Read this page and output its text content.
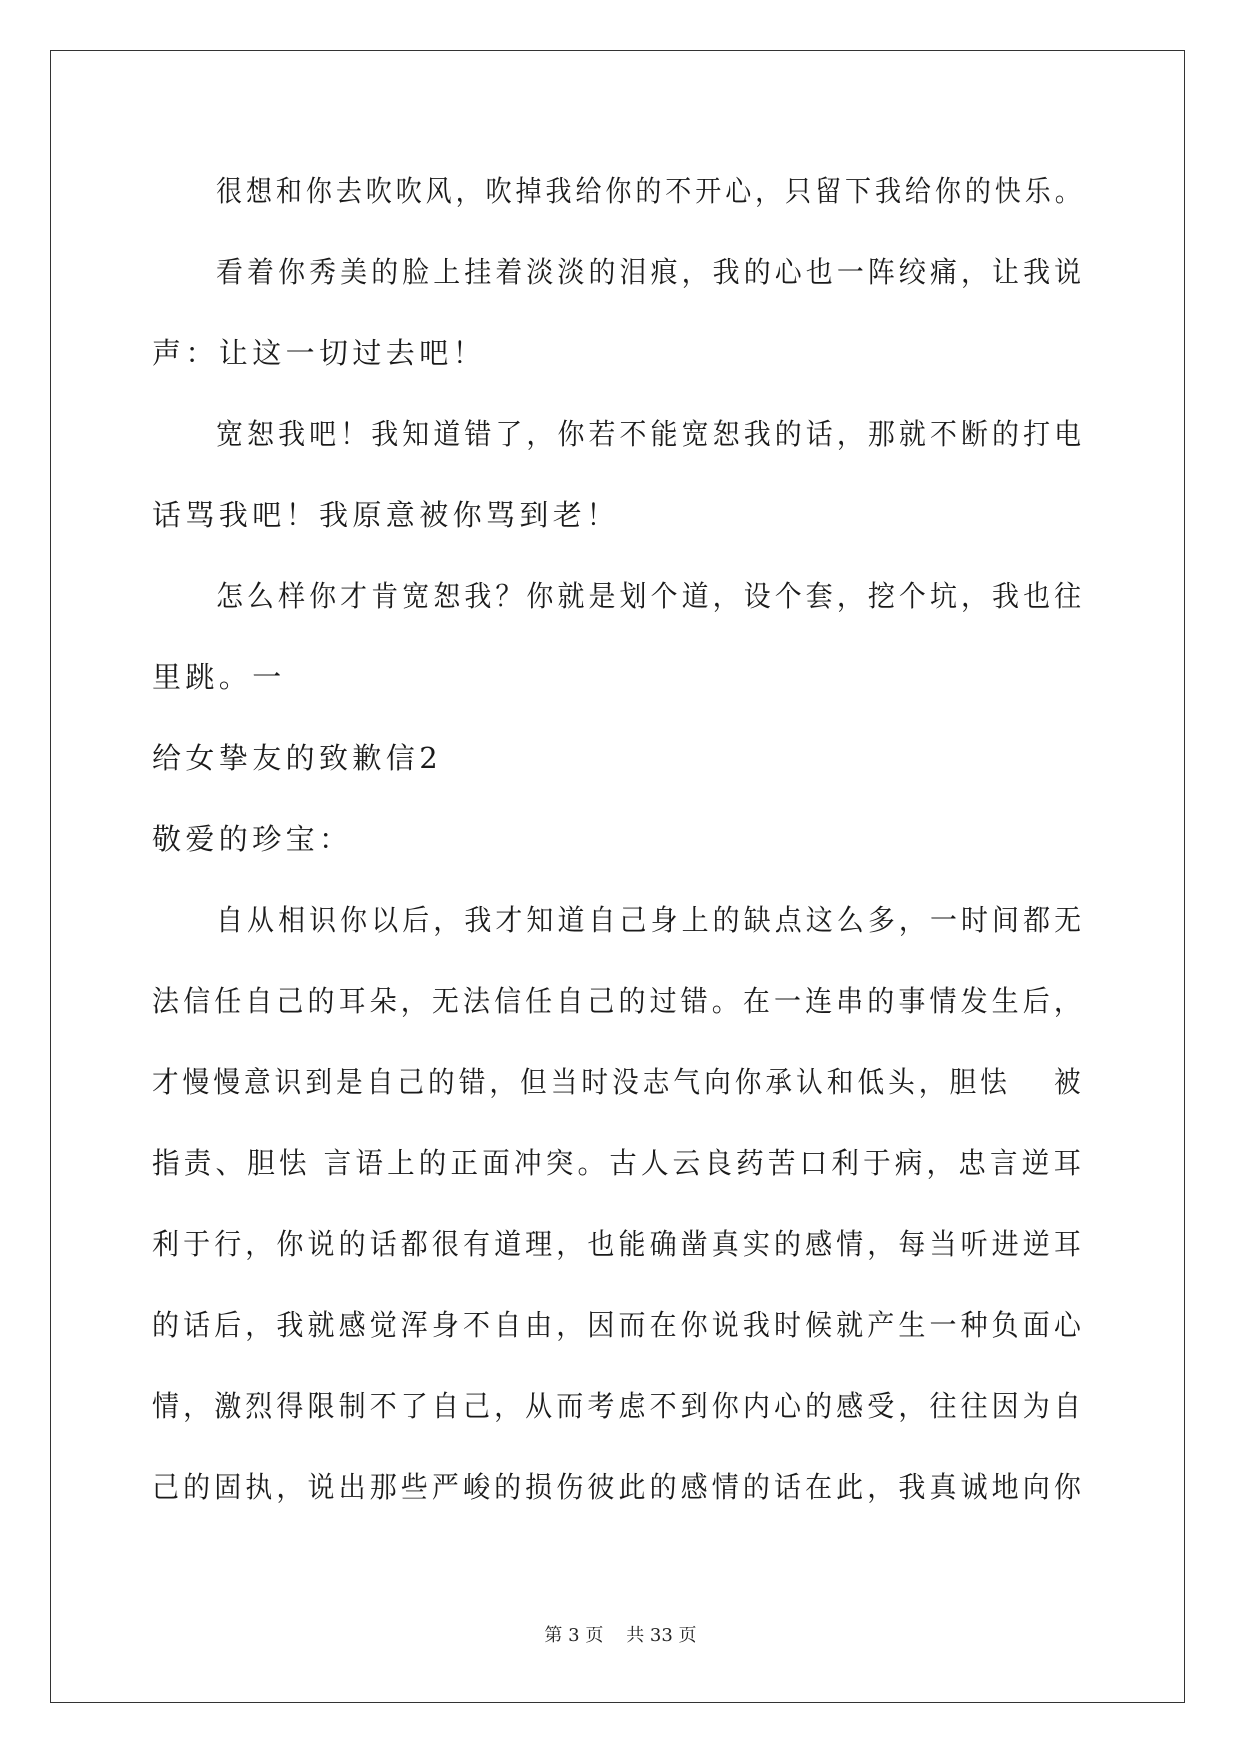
很想和你去吹吹风，吹掉我给你的不开心，只留下我给你的快乐。
看着你秀美的脸上挂着淡淡的泪痕，我的心也一阵绞痛，让我说
声：让这一切过去吧！
宽恕我吧！我知道错了，你若不能宽恕我的话，那就不断的打电
话骂我吧！我原意被你骂到老！
怎么样你才肯宽恕我？你就是划个道，设个套，挖个坑，我也往
里跳。一
给女挚友的致歉信2
敬爱的珍宝：
自从相识你以后，我才知道自己身上的缺点这么多，一时间都无
法信任自己的耳朵，无法信任自己的过错。在一连串的事情发生后，
才慢慢意识到是自己的错，但当时没志气向你承认和低头，胆怯　 被
指责、胆怯 言语上的正面冲突。古人云良药苦口利于病，忠言逆耳
利于行，你说的话都很有道理，也能确凿真实的感情，每当听进逆耳
的话后，我就感觉浑身不自由，因而在你说我时候就产生一种负面心
情，激烈得限制不了自己，从而考虑不到你内心的感受，往往因为自
己的固执，说出那些严峻的损伤彼此的感情的话在此，我真诚地向你
第 3 页    共 33 页
